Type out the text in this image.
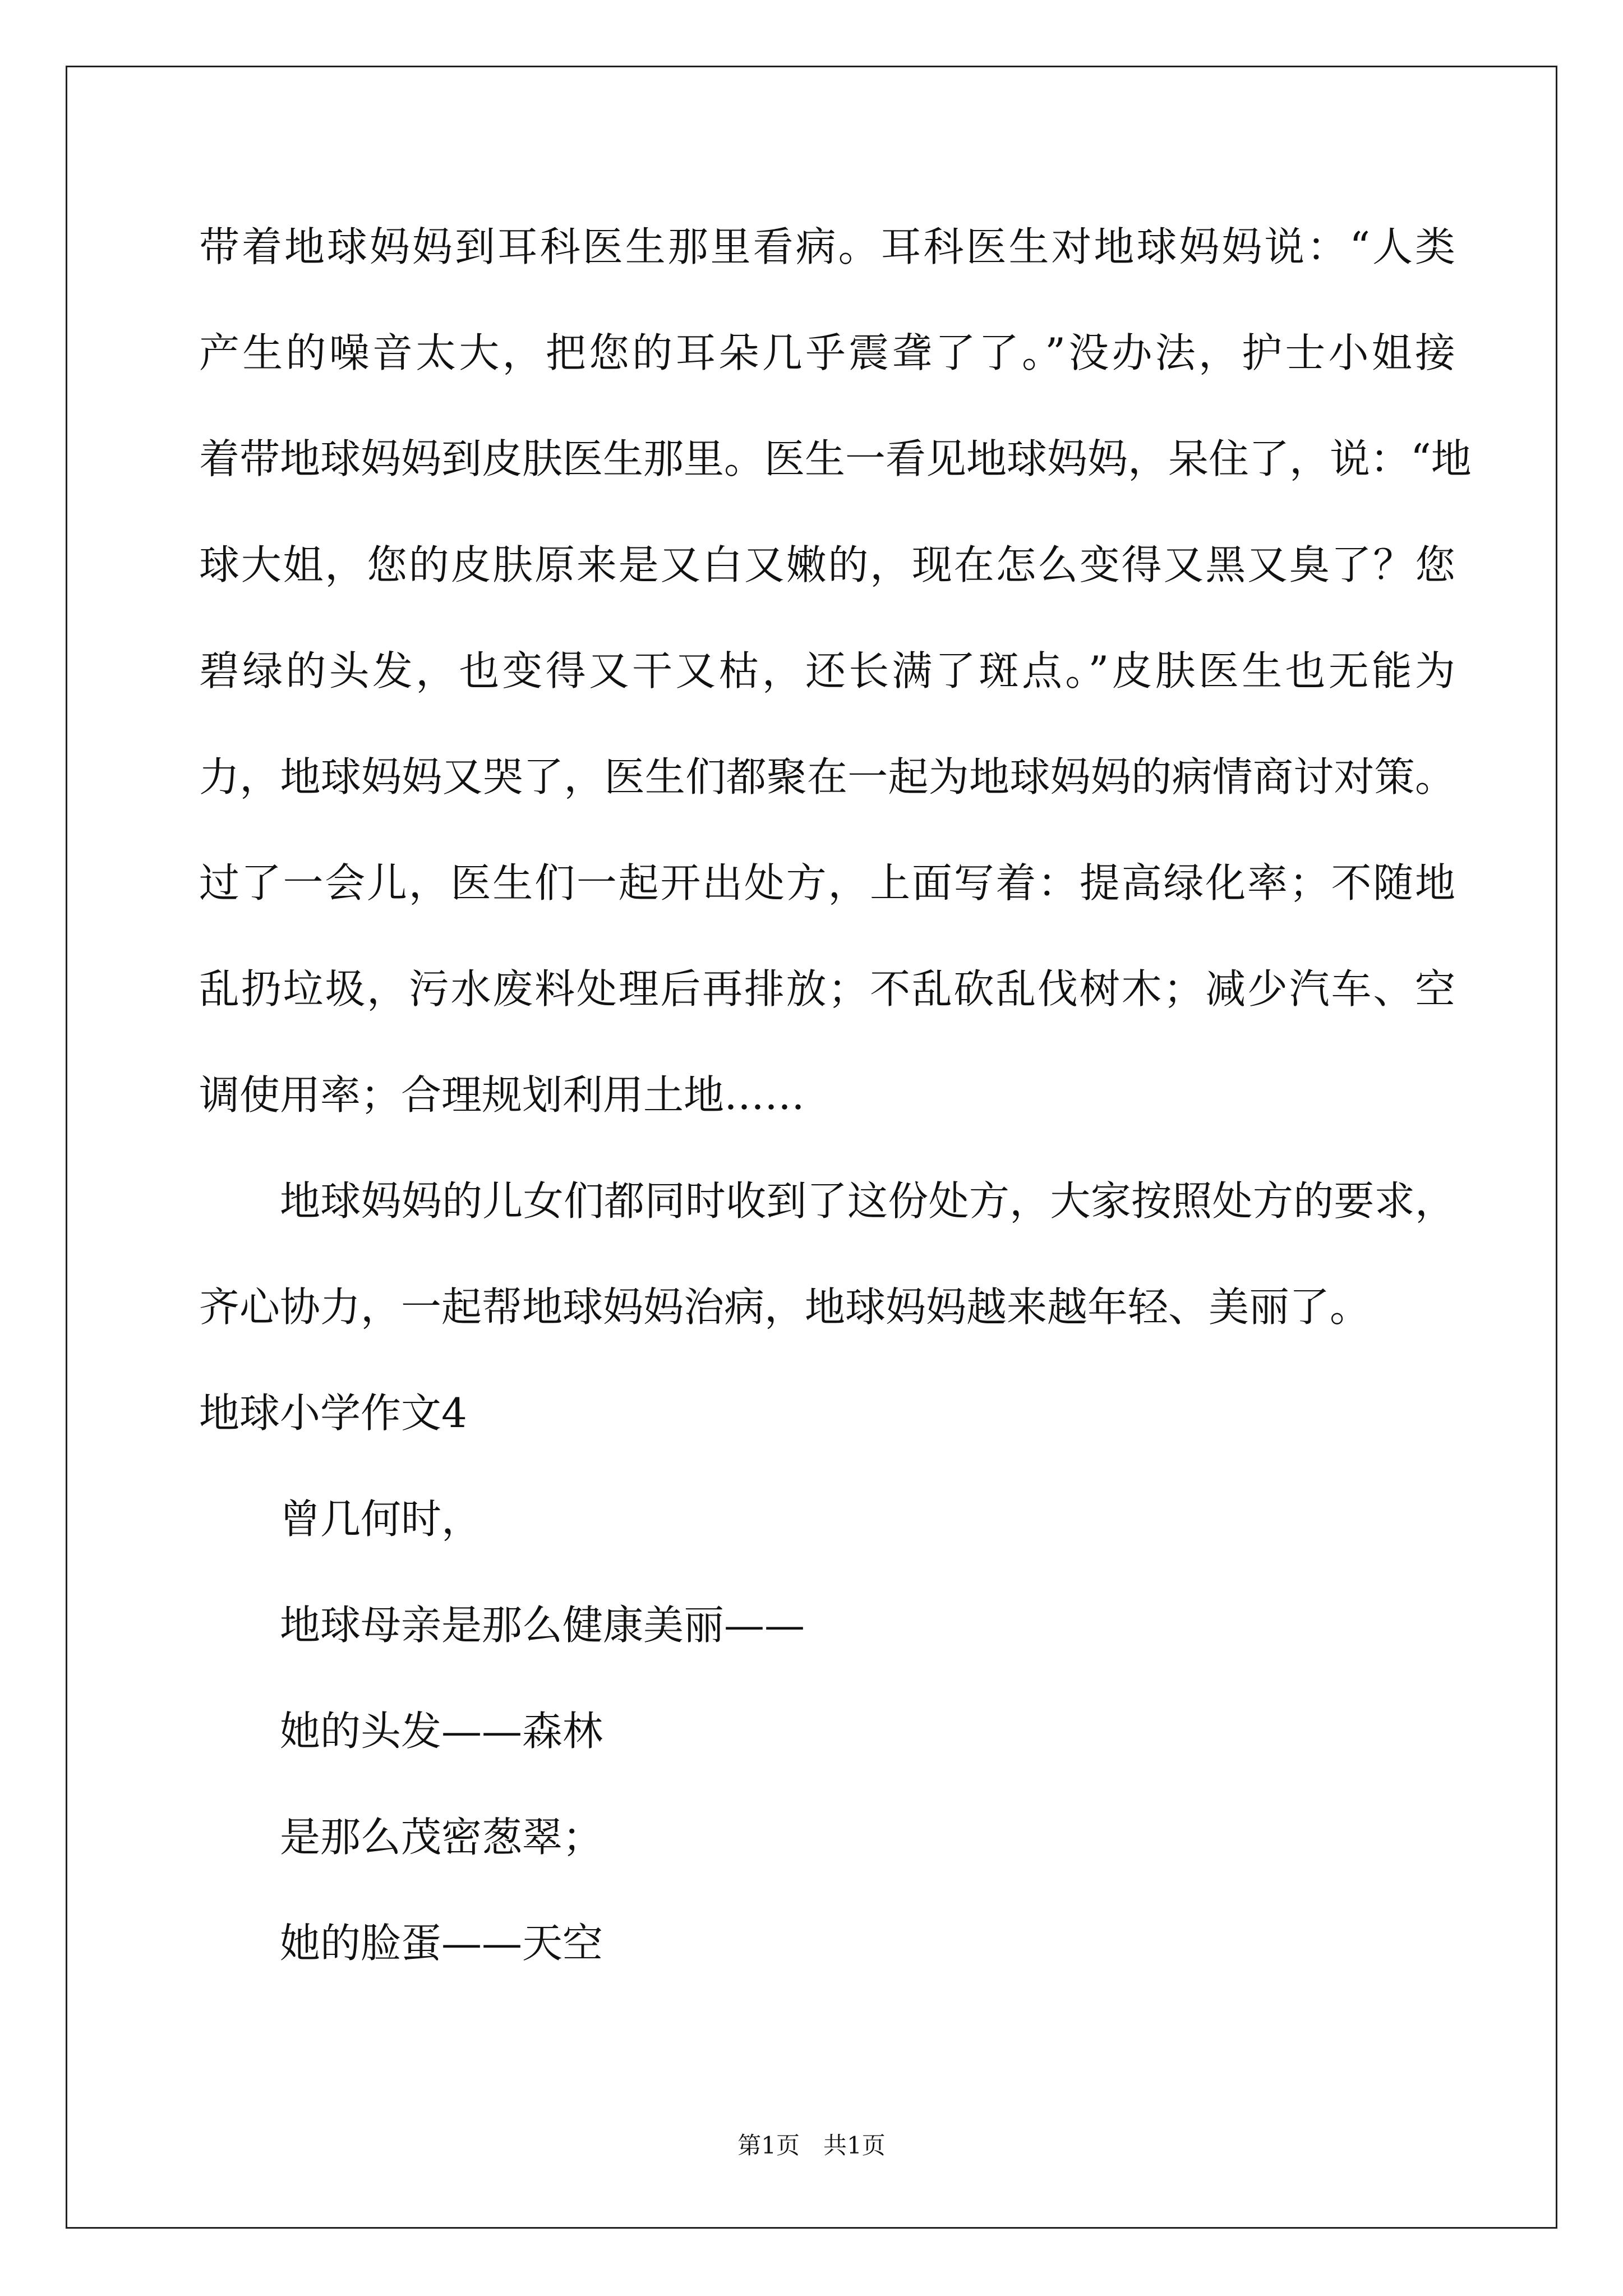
带着地球妈妈到耳科医生那里看病。耳科医生对地球妈妈说：“人类
产生的噪音太大，把您的耳朵几乎震聋了了。”没办法，护士小姐接
着带地球妈妈到皮肤医生那里。医生一看见地球妈妈，呆住了，说：“地
球大姐，您的皮肤原来是又白又嫩的，现在怎么变得又黑又臭了？您
碧绿的头发，也变得又干又枯，还长满了斑点。”皮肤医生也无能为
力，地球妈妈又哭了，医生们都聚在一起为地球妈妈的病情商讨对策。
过了一会儿，医生们一起开出处方，上面写着：提高绿化率；不随地
乱扔垃圾，污水废料处理后再排放；不乱砍乱伐树木；减少汽车、空
调使用率；合理规划利用土地……
地球妈妈的儿女们都同时收到了这份处方，大家按照处方的要求，
齐心协力，一起帮地球妈妈治病，地球妈妈越来越年轻、美丽了。
地球小学作文4
曾几何时，
地球母亲是那么健康美丽——
她的头发——森林
是那么茂密葱翠；
她的脸蛋——天空
第1页　共1页
